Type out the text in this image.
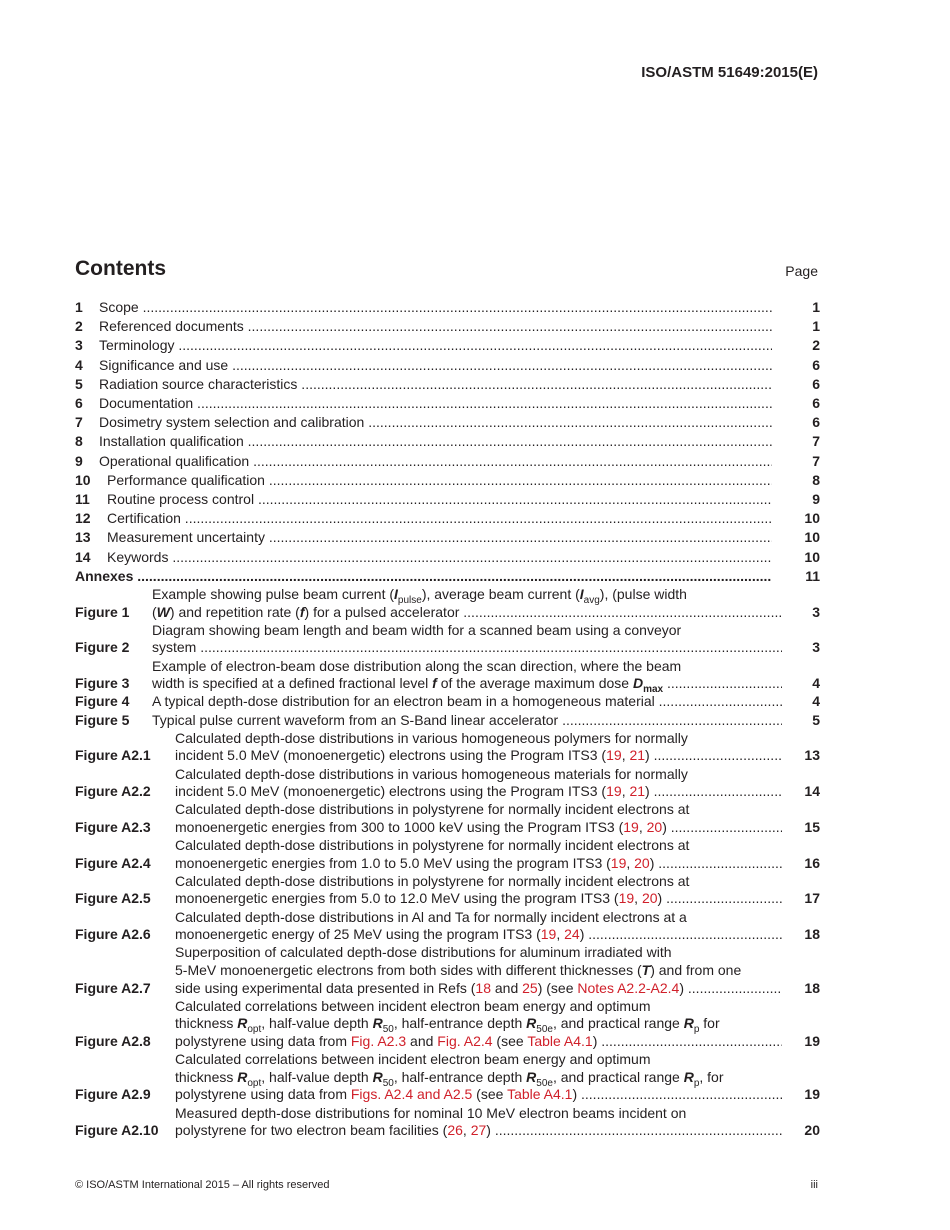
ISO/ASTM 51649:2015(E)
Contents	Page
1	Scope .....	1
2	Referenced documents .....	1
3	Terminology .....	2
4	Significance and use .....	6
5	Radiation source characteristics .....	6
6	Documentation .....	6
7	Dosimetry system selection and calibration .....	6
8	Installation qualification .....	7
9	Operational qualification .....	7
10	Performance qualification .....	8
11	Routine process control .....	9
12	Certification .....	10
13	Measurement uncertainty .....	10
14	Keywords .....	10
Annexes .....	11
Figure 1
Example showing pulse beam current $(I_{pulse})$, average beam current $(I_{avg})$, (pulse width
(W) and repetition rate (f) for a pulsed accelerator .....	3
Figure 2
Diagram showing beam length and beam width for a scanned beam using a conveyor
system .....	3
Figure 3
Example of electron-beam dose distribution along the scan direction, where the beam
width is specified at a defined fractional level f of the average maximum dose $D_{max}$ .....	4
Figure 4	A typical depth-dose distribution for an electron beam in a homogeneous material .....	4
Figure 5	Typical pulse current waveform from an S-Band linear accelerator .....	5
Figure A2.1
Calculated depth-dose distributions in various homogeneous polymers for normally
incident 5.0 MeV (monoenergetic) electrons using the Program ITS3 (19, 21) .....	13
Figure A2.2
Calculated depth-dose distributions in various homogeneous materials for normally
incident 5.0 MeV (monoenergetic) electrons using the Program ITS3 (19, 21) .....	14
Figure A2.3
Calculated depth-dose distributions in polystyrene for normally incident electrons at
monoenergetic energies from 300 to 1000 keV using the Program ITS3 (19, 20) .....	15
Figure A2.4
Calculated depth-dose distributions in polystyrene for normally incident electrons at
monoenergetic energies from 1.0 to 5.0 MeV using the program ITS3 (19, 20) .....	16
Figure A2.5
Calculated depth-dose distributions in polystyrene for normally incident electrons at
monoenergetic energies from 5.0 to 12.0 MeV using the program ITS3 (19, 20) .....	17
Figure A2.6
Calculated depth-dose distributions in Al and Ta for normally incident electrons at a
monoenergetic energy of 25 MeV using the program ITS3 (19, 24) .....	18
Figure A2.7
Superposition of calculated depth-dose distributions for aluminum irradiated with
5-MeV monoenergetic electrons from both sides with different thicknesses (T) and from one
side using experimental data presented in Refs (18 and 25) (see Notes A2.2-A2.4) .....	18
Figure A2.8
Calculated correlations between incident electron beam energy and optimum
thickness $R_{opt}$, half-value depth $R_{50}$, half-entrance depth $R_{50e}$, and practical range $R_p$ for
polystyrene using data from Fig. A2.3 and Fig. A2.4 (see Table A4.1) .....	19
Figure A2.9
Calculated correlations between incident electron beam energy and optimum
thickness $R_{opt}$, half-value depth $R_{50}$, half-entrance depth $R_{50e}$, and practical range $R_p$, for
polystyrene using data from Figs. A2.4 and A2.5 (see Table A4.1) .....	19
Figure A2.10
Measured depth-dose distributions for nominal 10 MeV electron beams incident on
polystyrene for two electron beam facilities (26, 27) .....	20
© ISO/ASTM International 2015 – All rights reserved	iii
